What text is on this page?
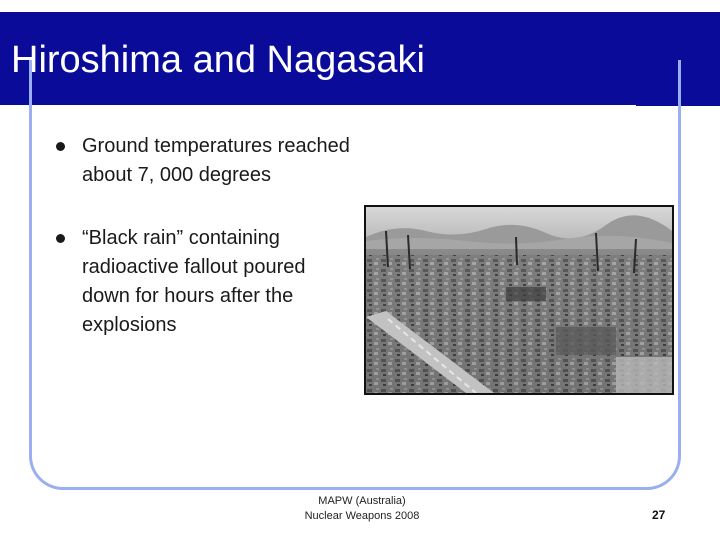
Hiroshima and Nagasaki
Ground temperatures reached about 7, 000 degrees
“Black rain” containing radioactive fallout poured down for hours after the explosions
MAPW (Australia)
Nuclear Weapons 2008	27
